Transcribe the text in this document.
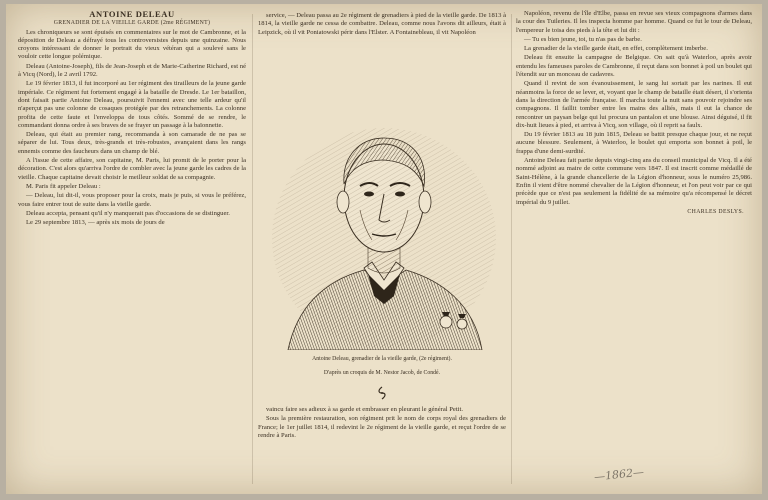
ANTOINE DELEAU

GRENADIER DE LA VIEILLE GARDE (2me RÉGIMENT)

Les chroniqueurs se sont épuisés en commentaires sur le mot de Cambronne, et la déposition de Deleau a défrayé tous les controversistes depuis une quinzaine. Nous croyons intéressant de donner le portrait du vieux vétéran qui a soulevé sans le vouloir cette longue polémique.

Deleau (Antoine-Joseph), fils de Jean-Joseph et de Marie-Catherine Richard, est né à Vicq (Nord), le 2 avril 1792.

Le 19 février 1813, il fut incorporé au 1er régiment des tirailleurs de la jeune garde impériale. Ce régiment fut fortement engagé à la bataille de Dresde. Le 1er bataillon, dont faisait partie Antoine Deleau, poursuivit l'ennemi avec une telle ardeur qu'il n'aperçut pas une colonne de cosaques protégée par des retranchements. La colonne profita de cette faute et l'enveloppa de tous côtés. Sommé de se rendre, le commandant donna ordre à ses braves de se frayer un passage à la baïonnette.

Deleau, qui était au premier rang, recommanda à son camarade de ne pas se séparer de lui. Tous deux, très-grands et très-robustes, avançaient dans les rangs ennemis comme des faucheurs dans un champ de blé.

A l'issue de cette affaire, son capitaine, M. Paris, lui promit de le porter pour la décoration. C'est alors qu'arriva l'ordre de combler avec la jeune garde les cadres de la vieille. Chaque capitaine devait choisir le meilleur soldat de sa compagnie.

M. Paris fit appeler Deleau :

— Deleau, lui dit-il, vous proposer pour la croix, mais je puis, si vous le préférez, vous faire entrer tout de suite dans la vieille garde.

Deleau accepta, pensant qu'il n'y manquerait pas d'occasions de se distinguer.

Le 29 septembre 1813, — après six mois de jours de

service, — Deleau passa au 2e régiment de grenadiers à pied de la vieille garde. De 1813 à 1814, la vieille garde ne cessa de combattre. Deleau, comme nous l'avons dit ailleurs, était à Leipzick, où il vit Poniatowski périr dans l'Elster. A Fontainebleau, il vit Napoléon

Antoine Deleau, grenadier de la vieille garde, (2e régiment).
D'après un croquis de M. Nestor Jacob, de Condé.

vaincu faire ses adieux à sa garde et embrasser en pleurant le général Petit.

Sous la première restauration, son régiment prit le nom de corps royal des grenadiers de France; le 1er juillet 1814, il redevint le 2e régiment de la vieille garde, et reçut l'ordre de se rendre à Paris.

Napoléon, revenu de l'île d'Elbe, passa en revue ses vieux compagnons d'armes dans la cour des Tuileries. Il les inspecta homme par homme. Quand ce fut le tour de Deleau, l'empereur le toisa des pieds à la tête et lui dit :

— Tu es bien jeune, toi, tu n'as pas de barbe.

La grenadier de la vieille garde était, en effet, complètement imberbe.

Deleau fit ensuite la campagne de Belgique. On sait qu'à Waterloo, après avoir entendu les fameuses paroles de Cambronne, il reçut dans son bonnet à poil un boulet qui l'étendit sur un monceau de cadavres.

Quand il revint de son évanouissement, le sang lui sortait par les narines. Il eut néanmoins la force de se lever, et, voyant que le champ de bataille était désert, il s'orienta dans la direction de l'armée française. Il marcha toute la nuit sans pouvoir rejoindre ses compagnons. Il faillit tomber entre les mains des alliés, mais il eut la chance de rencontrer un paysan belge qui lui procura un pantalon et une blouse. Ainsi déguisé, il fit dix-huit lieues à pied, et arriva à Vicq, son village, où il reprit sa faulx.

Du 19 février 1813 au 18 juin 1815, Deleau se battit presque chaque jour, et ne reçut aucune blessure. Seulement, à Waterloo, le boulet qui emporta son bonnet à poil, le frappa d'une demi-surdité.

Antoine Deleau fait partie depuis vingt-cinq ans du conseil municipal de Vicq. Il a été nommé adjoint au maire de cette commune vers 1847. Il est inscrit comme médaillé de Saint-Hélène, à la grande chancellerie de la Légion d'honneur, sous le numéro 25,986. Enfin il vient d'être nommé chevalier de la Légion d'honneur, et l'on peut voir par ce qui précède que ce n'est pas seulement la fidélité de sa mémoire qu'a récompensé le décret impérial du 9 juillet.

CHARLES DESLYS.

—1862—
